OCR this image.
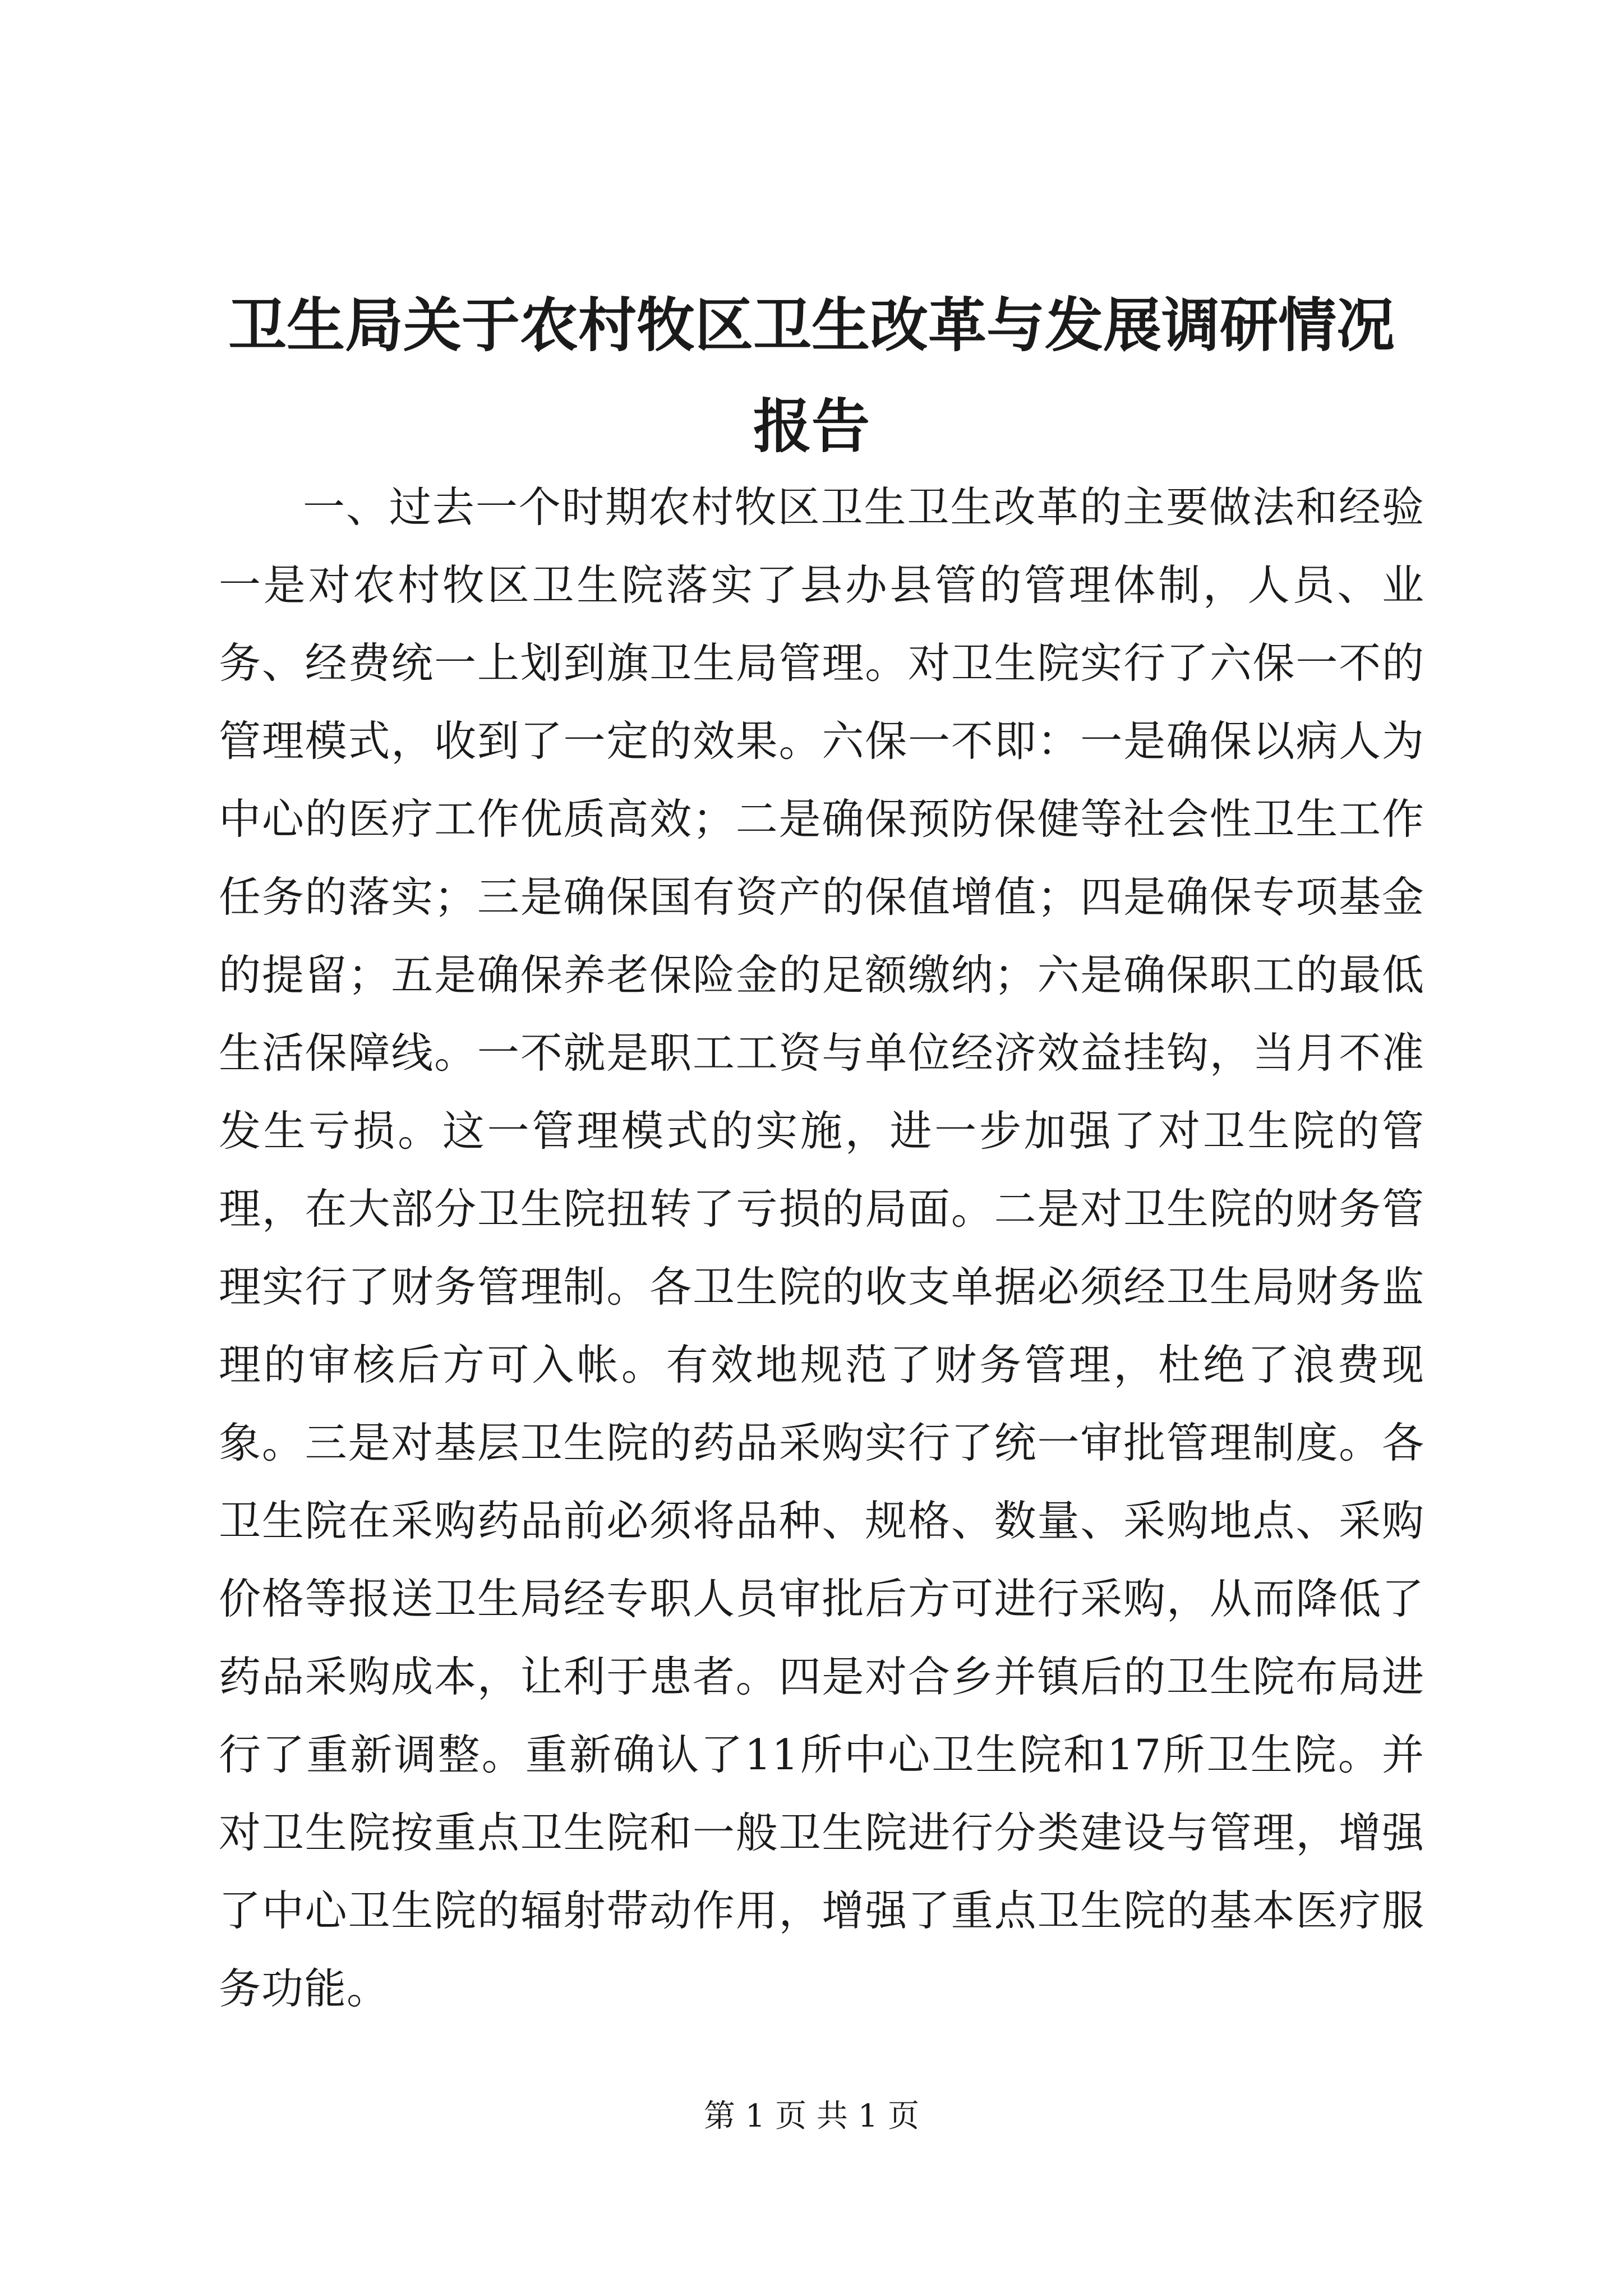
卫生局关于农村牧区卫生改革与发展调研情况报告

一、过去一个时期农村牧区卫生卫生改革的主要做法和经验一是对农村牧区卫生院落实了县办县管的管理体制，人员、业务、经费统一上划到旗卫生局管理。对卫生院实行了六保一不的管理模式，收到了一定的效果。六保一不即：一是确保以病人为中心的医疗工作优质高效；二是确保预防保健等社会性卫生工作任务的落实；三是确保国有资产的保值增值；四是确保专项基金的提留；五是确保养老保险金的足额缴纳；六是确保职工的最低生活保障线。一不就是职工工资与单位经济效益挂钩，当月不准发生亏损。这一管理模式的实施，进一步加强了对卫生院的管理，在大部分卫生院扭转了亏损的局面。二是对卫生院的财务管理实行了财务管理制。各卫生院的收支单据必须经卫生局财务监理的审核后方可入帐。有效地规范了财务管理，杜绝了浪费现象。三是对基层卫生院的药品采购实行了统一审批管理制度。各卫生院在采购药品前必须将品种、规格、数量、采购地点、采购价格等报送卫生局经专职人员审批后方可进行采购，从而降低了药品采购成本，让利于患者。四是对合乡并镇后的卫生院布局进行了重新调整。重新确认了11所中心卫生院和17所卫生院。并对卫生院按重点卫生院和一般卫生院进行分类建设与管理，增强了中心卫生院的辐射带动作用，增强了重点卫生院的基本医疗服务功能。

第 1 页 共 1 页
